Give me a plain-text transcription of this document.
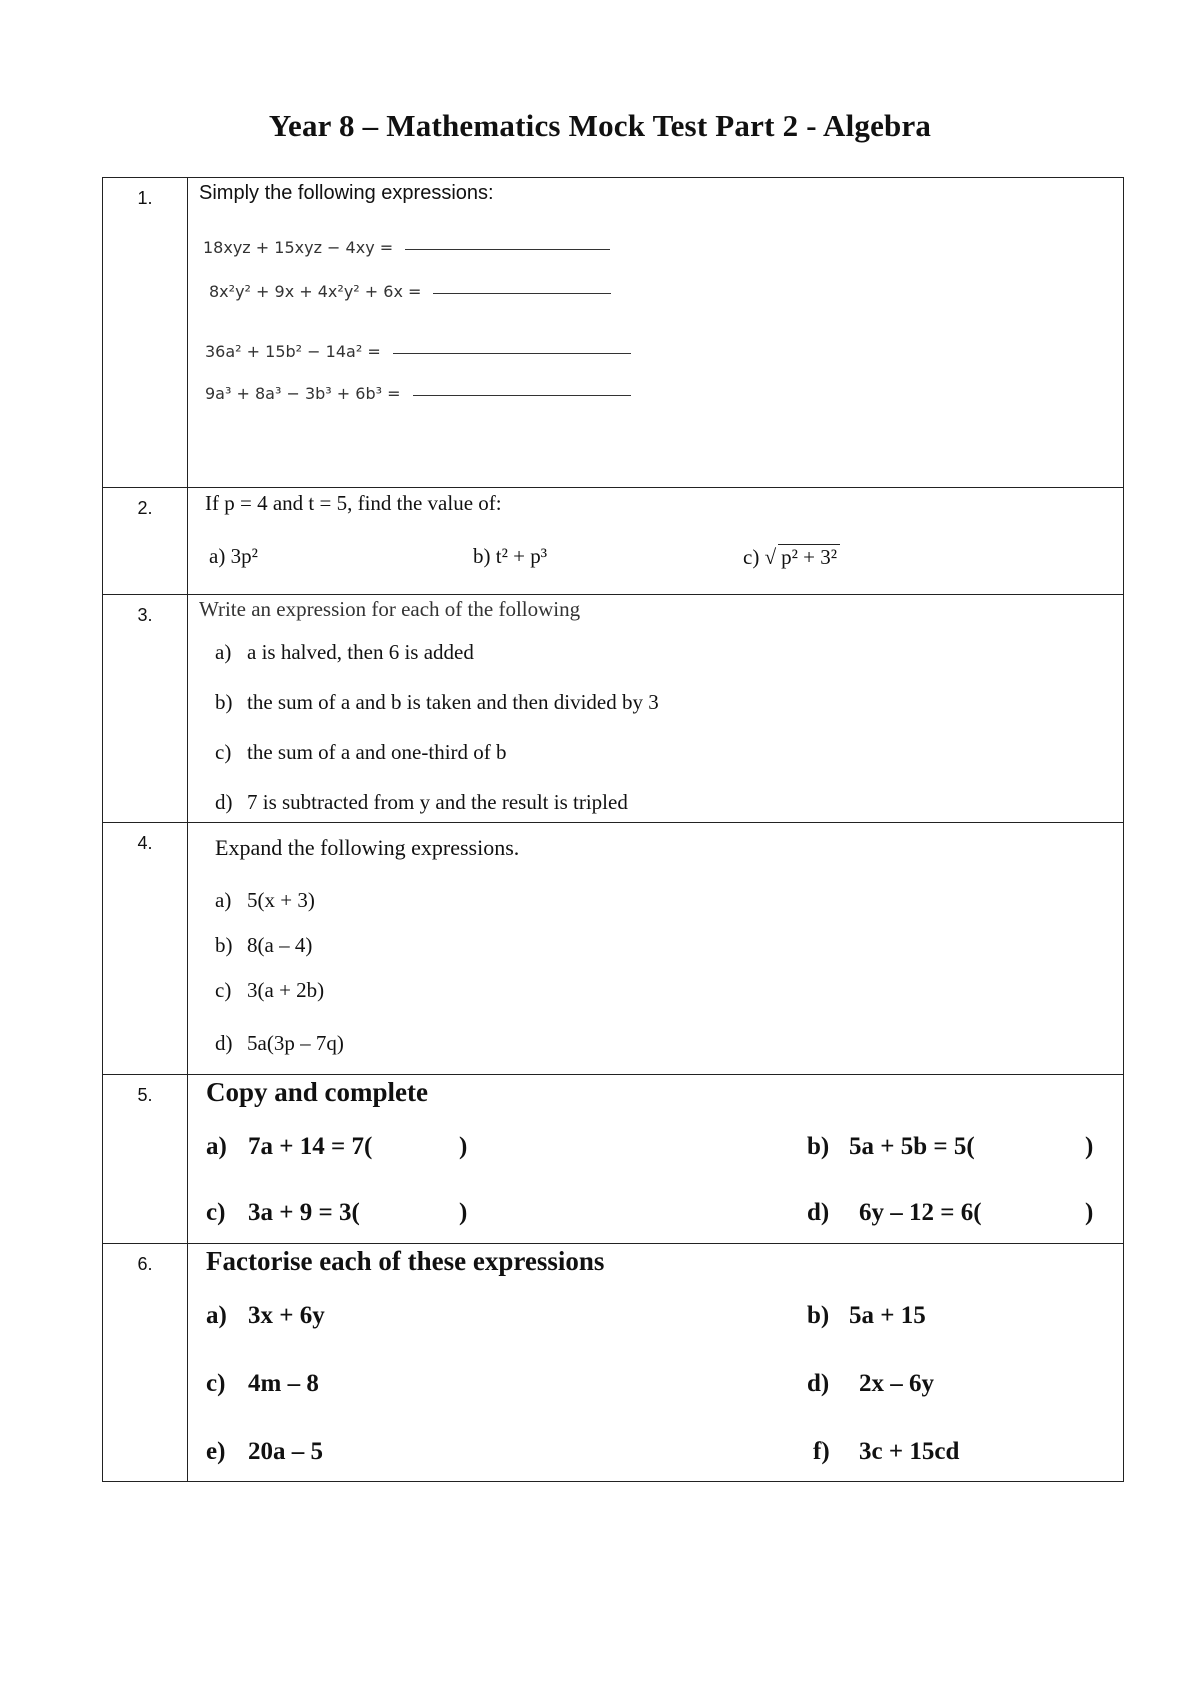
Year 8 – Mathematics Mock Test Part 2 - Algebra
1.	Simply the following expressions:
18xyz + 15xyz − 4xy =
8x²y² + 9x + 4x²y² + 6x =
36a² + 15b² − 14a² =
9a³ + 8a³ − 3b³ + 6b³ =
2.	If p = 4 and t = 5, find the value of:
a) 3p²	b) t² + p³	c) √ p² + 3²
3.	Write an expression for each of the following
a) a is halved, then 6 is added
b) the sum of a and b is taken and then divided by 3
c) the sum of a and one-third of b
d) 7 is subtracted from y and the result is tripled
4.	Expand the following expressions.
a) 5(x + 3)
b) 8(a – 4)
c) 3(a + 2b)
d) 5a(3p – 7q)
5.	Copy and complete
a) 7a + 14 = 7(	)	b) 5a + 5b = 5(	)
c) 3a + 9 = 3(	)	d) 6y – 12 = 6(	)
6.	Factorise each of these expressions
a) 3x + 6y	b) 5a + 15
c) 4m – 8	d) 2x – 6y
e) 20a – 5	f) 3c + 15cd
